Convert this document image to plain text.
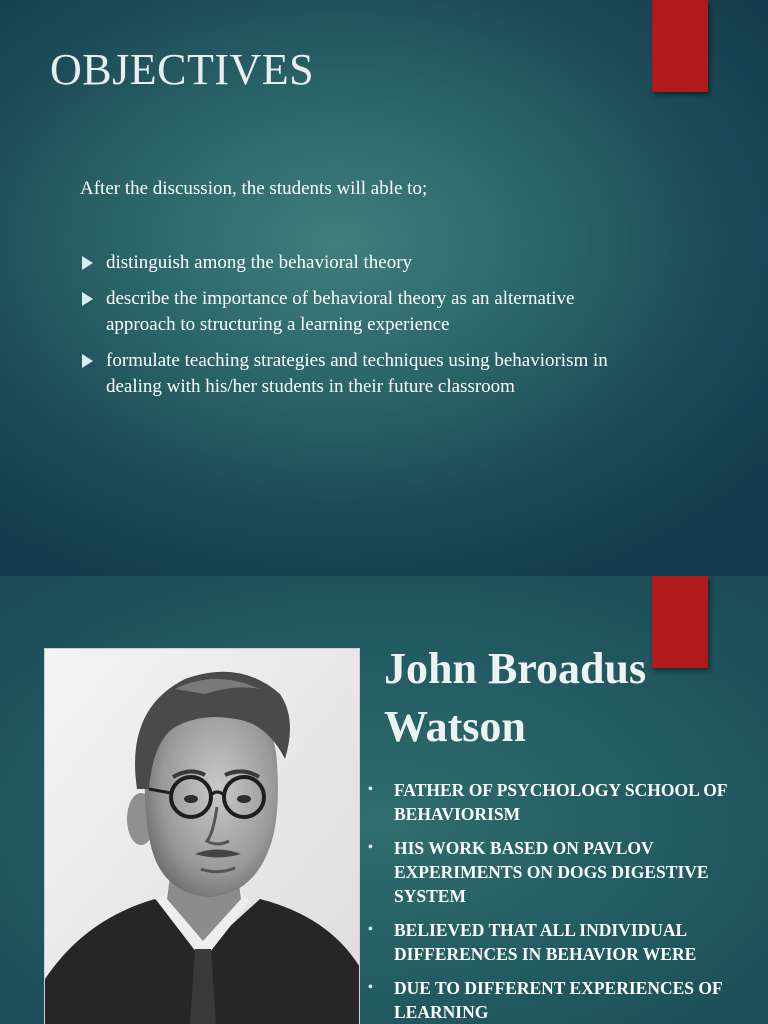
OBJECTIVES

After the discussion, the students will able to;

distinguish among the behavioral theory
describe the importance of behavioral theory as an alternative approach to structuring a learning experience
formulate teaching strategies and techniques using behaviorism in dealing with his/her students in their future classroom
John Broadus Watson
• FATHER OF PSYCHOLOGY SCHOOL OF BEHAVIORISM
• HIS WORK BASED ON PAVLOV EXPERIMENTS ON DOGS DIGESTIVE SYSTEM
• BELIEVED THAT ALL INDIVIDUAL DIFFERENCES IN BEHAVIOR WERE
• DUE TO DIFFERENT EXPERIENCES OF LEARNING
